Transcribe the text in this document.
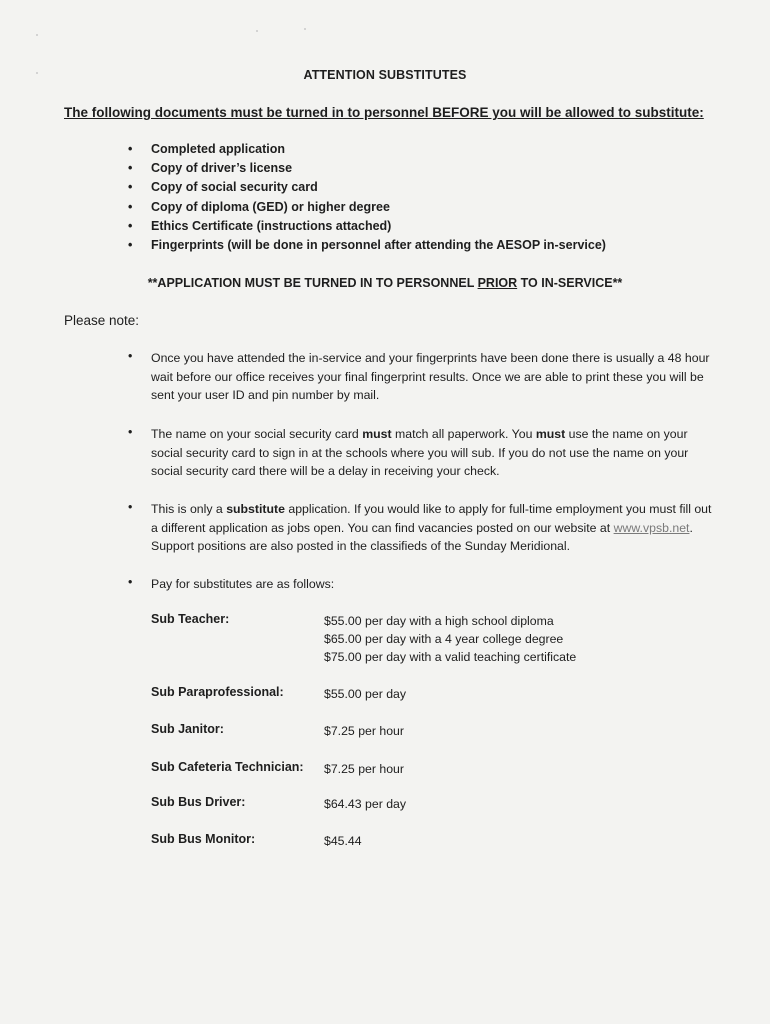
ATTENTION SUBSTITUTES
The following documents must be turned in to personnel BEFORE you will be allowed to substitute:
• Completed application
• Copy of driver’s license
• Copy of social security card
• Copy of diploma (GED) or higher degree
• Ethics Certificate (instructions attached)
• Fingerprints (will be done in personnel after attending the AESOP in-service)
**APPLICATION MUST BE TURNED IN TO PERSONNEL PRIOR TO IN-SERVICE**
Please note:
• Once you have attended the in-service and your fingerprints have been done there is usually a 48 hour wait before our office receives your final fingerprint results. Once we are able to print these you will be sent your user ID and pin number by mail.
• The name on your social security card must match all paperwork. You must use the name on your social security card to sign in at the schools where you will sub. If you do not use the name on your social security card there will be a delay in receiving your check.
• This is only a substitute application. If you would like to apply for full-time employment you must fill out a different application as jobs open. You can find vacancies posted on our website at www.vpsb.net. Support positions are also posted in the classifieds of the Sunday Meridional.
• Pay for substitutes are as follows:
Sub Teacher:	$55.00 per day with a high school diploma
$65.00 per day with a 4 year college degree
$75.00 per day with a valid teaching certificate
Sub Paraprofessional:	$55.00 per day
Sub Janitor:	$7.25 per hour
Sub Cafeteria Technician: $7.25 per hour
Sub Bus Driver:	$64.43 per day
Sub Bus Monitor:	$45.44
